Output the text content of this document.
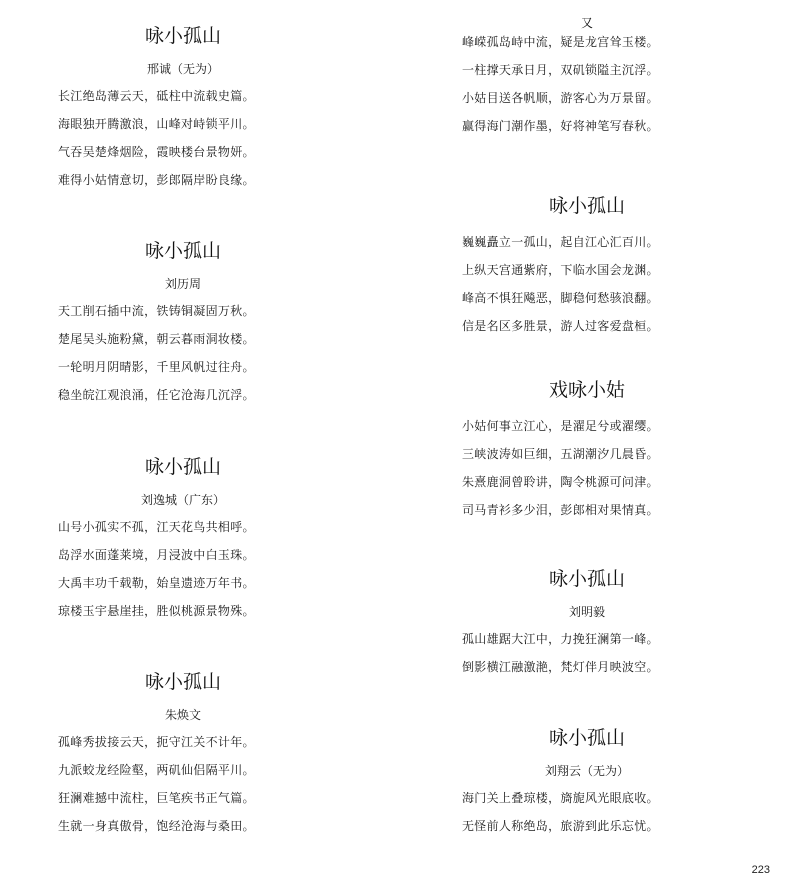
咏小孤山
邢诚（无为）
长江绝岛薄云天，砥柱中流载史篇。
海眼独开腾激浪，山峰对峙锁平川。
气吞吴楚烽烟险，霞映楼台景物妍。
难得小姑情意切，彭郎隔岸盼良缘。
咏小孤山
刘历周
天工削石插中流，铁铸铜凝固万秋。
楚尾吴头施粉黛，朝云暮雨洞妆楼。
一轮明月阴晴影，千里风帆过往舟。
稳坐皖江观浪涌，任它沧海几沉浮。
咏小孤山
刘逸城（广东）
山号小孤实不孤，江天花鸟共相呼。
岛浮水面蓬莱境，月浸波中白玉珠。
大禹丰功千载勒，始皇遗迹万年书。
琼楼玉宇悬崖挂，胜似桃源景物殊。
咏小孤山
朱焕文
孤峰秀拔接云天，扼守江关不计年。
九派蛟龙经险壑，两矶仙侣隔平川。
狂澜难撼中流柱，巨笔疾书正气篇。
生就一身真傲骨，饱经沧海与桑田。
又
峰嵘孤岛峙中流，疑是龙宫耸玉楼。
一柱撑天承日月，双矶锁隘主沉浮。
小姑目送各帆顺，游客心为万景留。
赢得海门潮作墨，好将神笔写春秋。
咏小孤山
巍巍矗立一孤山，起自江心汇百川。
上纵天宫通紫府，下临水国会龙渊。
峰高不惧狂飚恶，脚稳何愁骇浪翻。
信是名区多胜景，游人过客爱盘桓。
戏咏小姑
小姑何事立江心，是濯足兮或濯缨。
三峡波涛如巨细，五湖潮汐几晨昏。
朱熹鹿洞曾聆讲，陶令桃源可问津。
司马青衫多少泪，彭郎相对果情真。
咏小孤山
刘明毅
孤山雄踞大江中，力挽狂澜第一峰。
倒影横江融激滟，梵灯伴月映波空。
咏小孤山
刘翔云（无为）
海门关上叠琼楼，旖旎风光眼底收。
无怪前人称绝岛，旅游到此乐忘忧。
223
